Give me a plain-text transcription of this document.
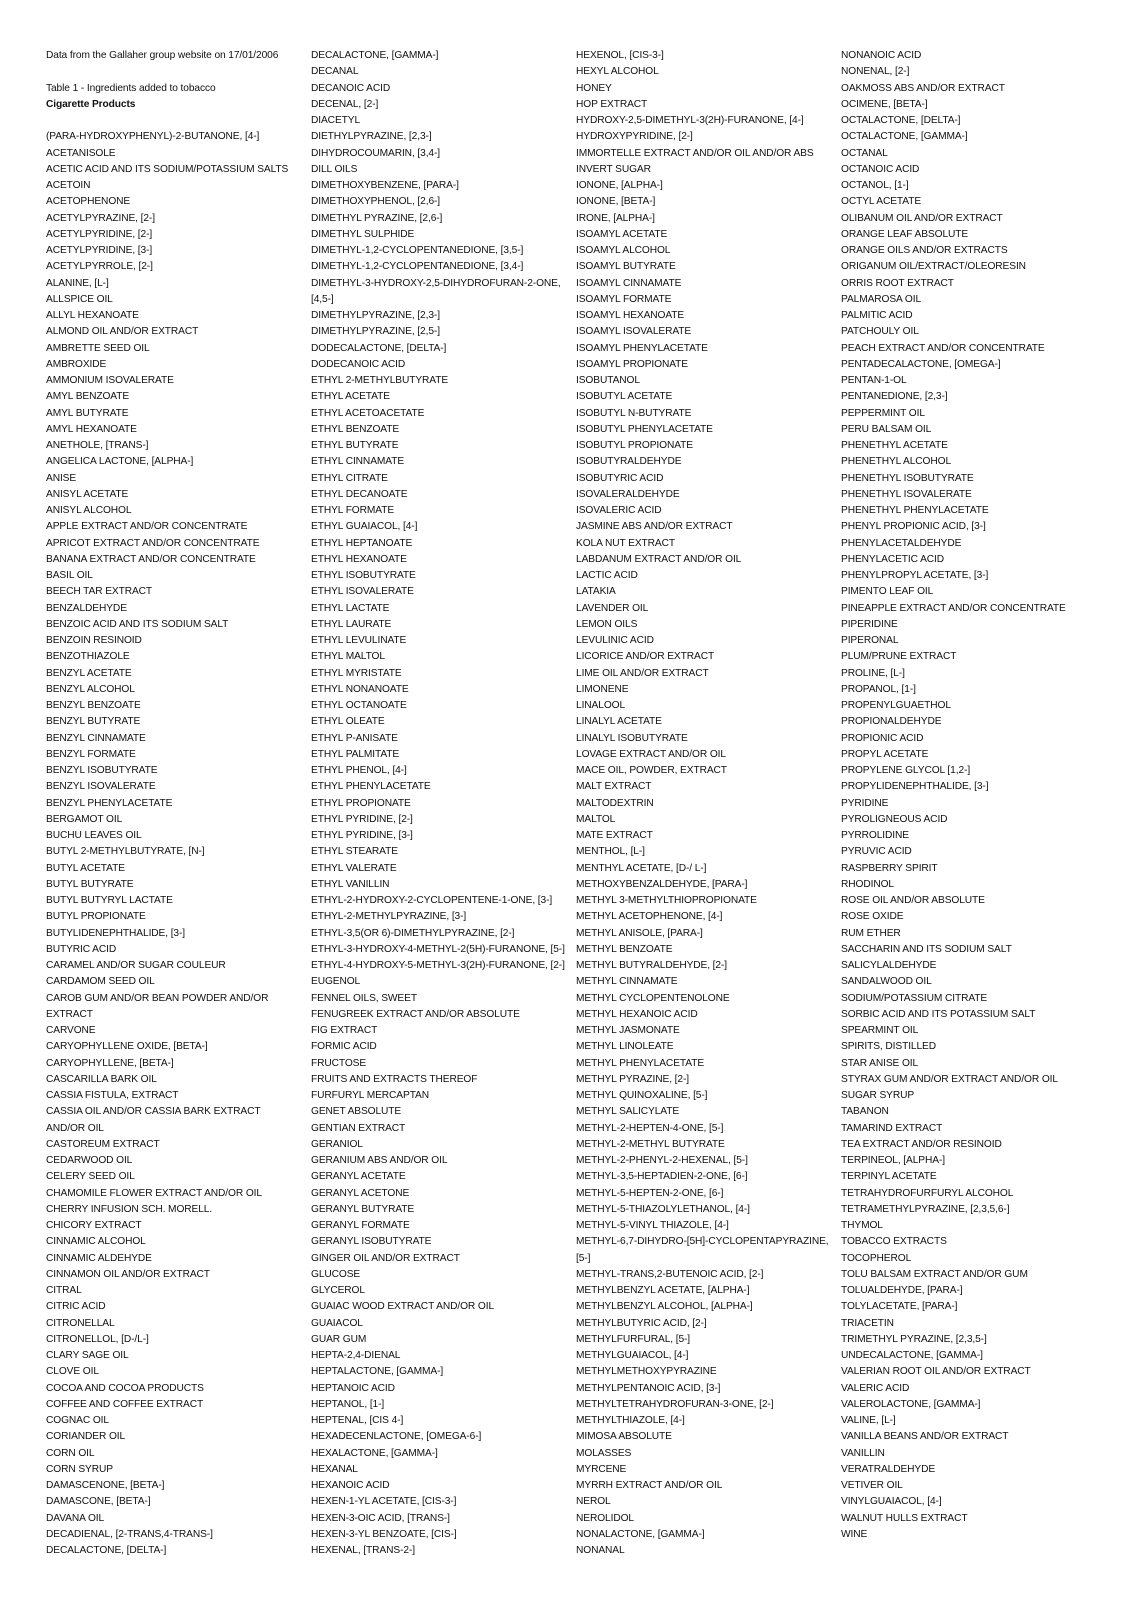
Data from the Gallaher group website on 17/01/2006
Table 1 - Ingredients added to tobacco
Cigarette Products
(PARA-HYDROXYPHENYL)-2-BUTANONE, [4-]
ACETANISOLE
ACETIC ACID AND ITS SODIUM/POTASSIUM SALTS
ACETOIN
ACETOPHENONE
ACETYLPYRAZINE, [2-]
ACETYLPYRIDINE, [2-]
ACETYLPYRIDINE, [3-]
ACETYLPYRROLE, [2-]
ALANINE, [L-]
ALLSPICE OIL
ALLYL HEXANOATE
ALMOND OIL AND/OR EXTRACT
AMBRETTE SEED OIL
AMBROXIDE
AMMONIUM ISOVALERATE
AMYL BENZOATE
AMYL BUTYRATE
AMYL HEXANOATE
ANETHOLE, [TRANS-]
ANGELICA LACTONE, [ALPHA-]
ANISE
ANISYL ACETATE
ANISYL ALCOHOL
APPLE EXTRACT AND/OR CONCENTRATE
APRICOT EXTRACT AND/OR CONCENTRATE
BANANA EXTRACT AND/OR CONCENTRATE
BASIL OIL
BEECH TAR EXTRACT
BENZALDEHYDE
BENZOIC ACID AND ITS SODIUM SALT
BENZOIN RESINOID
BENZOTHIAZOLE
BENZYL ACETATE
BENZYL ALCOHOL
BENZYL BENZOATE
BENZYL BUTYRATE
BENZYL CINNAMATE
BENZYL FORMATE
BENZYL ISOBUTYRATE
BENZYL ISOVALERATE
BENZYL PHENYLACETATE
BERGAMOT OIL
BUCHU LEAVES OIL
BUTYL 2-METHYLBUTYRATE, [N-]
BUTYL ACETATE
BUTYL BUTYRATE
BUTYL BUTYRYL LACTATE
BUTYL PROPIONATE
BUTYLIDENEPHTHALIDE, [3-]
BUTYRIC ACID
CARAMEL AND/OR SUGAR COULEUR
CARDAMOM SEED OIL
CAROB GUM AND/OR BEAN POWDER AND/OR
EXTRACT
CARVONE
CARYOPHYLLENE OXIDE, [BETA-]
CARYOPHYLLENE, [BETA-]
CASCARILLA BARK OIL
CASSIA FISTULA, EXTRACT
CASSIA OIL AND/OR CASSIA BARK EXTRACT
AND/OR OIL
CASTOREUM EXTRACT
CEDARWOOD OIL
CELERY SEED OIL
CHAMOMILE FLOWER EXTRACT AND/OR OIL
CHERRY INFUSION SCH. MORELL.
CHICORY EXTRACT
CINNAMIC ALCOHOL
CINNAMIC ALDEHYDE
CINNAMON OIL AND/OR EXTRACT
CITRAL
CITRIC ACID
CITRONELLAL
CITRONELLOL, [D-/L-]
CLARY SAGE OIL
CLOVE OIL
COCOA AND COCOA PRODUCTS
COFFEE AND COFFEE EXTRACT
COGNAC OIL
CORIANDER OIL
CORN OIL
CORN SYRUP
DAMASCENONE, [BETA-]
DAMASCONE, [BETA-]
DAVANA OIL
DECADIENAL, [2-TRANS,4-TRANS-]
DECALACTONE, [DELTA-]
DECALACTONE, [GAMMA-]
DECANAL
DECANOIC ACID
DECENAL, [2-]
DIACETYL
DIETHYLPYRAZINE, [2,3-]
DIHYDROCOUMARIN, [3,4-]
DILL OILS
DIMETHOXYBENZENE, [PARA-]
DIMETHOXYPHENOL, [2,6-]
DIMETHYL PYRAZINE, [2,6-]
DIMETHYL SULPHIDE
DIMETHYL-1,2-CYCLOPENTANEDIONE, [3,5-]
DIMETHYL-1,2-CYCLOPENTANEDIONE, [3,4-]
DIMETHYL-3-HYDROXY-2,5-DIHYDROFURAN-2-ONE,
[4,5-]
DIMETHYLPYRAZINE, [2,3-]
DIMETHYLPYRAZINE, [2,5-]
DODECALACTONE, [DELTA-]
DODECANOIC ACID
ETHYL 2-METHYLBUTYRATE
ETHYL ACETATE
ETHYL ACETOACETATE
ETHYL BENZOATE
ETHYL BUTYRATE
ETHYL CINNAMATE
ETHYL CITRATE
ETHYL DECANOATE
ETHYL FORMATE
ETHYL GUAIACOL, [4-]
ETHYL HEPTANOATE
ETHYL HEXANOATE
ETHYL ISOBUTYRATE
ETHYL ISOVALERATE
ETHYL LACTATE
ETHYL LAURATE
ETHYL LEVULINATE
ETHYL MALTOL
ETHYL MYRISTATE
ETHYL NONANOATE
ETHYL OCTANOATE
ETHYL OLEATE
ETHYL P-ANISATE
ETHYL PALMITATE
ETHYL PHENOL, [4-]
ETHYL PHENYLACETATE
ETHYL PROPIONATE
ETHYL PYRIDINE, [2-]
ETHYL PYRIDINE, [3-]
ETHYL STEARATE
ETHYL VALERATE
ETHYL VANILLIN
ETHYL-2-HYDROXY-2-CYCLOPENTENE-1-ONE, [3-]
ETHYL-2-METHYLPYRAZINE, [3-]
ETHYL-3,5(OR 6)-DIMETHYLPYRAZINE, [2-]
ETHYL-3-HYDROXY-4-METHYL-2(5H)-FURANONE, [5-]
ETHYL-4-HYDROXY-5-METHYL-3(2H)-FURANONE, [2-]
EUGENOL
FENNEL OILS, SWEET
FENUGREEK EXTRACT AND/OR ABSOLUTE
FIG EXTRACT
FORMIC ACID
FRUCTOSE
FRUITS AND EXTRACTS THEREOF
FURFURYL MERCAPTAN
GENET ABSOLUTE
GENTIAN EXTRACT
GERANIOL
GERANIUM ABS AND/OR OIL
GERANYL ACETATE
GERANYL ACETONE
GERANYL BUTYRATE
GERANYL FORMATE
GERANYL ISOBUTYRATE
GINGER OIL AND/OR EXTRACT
GLUCOSE
GLYCEROL
GUAIAC WOOD EXTRACT AND/OR OIL
GUAIACOL
GUAR GUM
HEPTA-2,4-DIENAL
HEPTALACTONE, [GAMMA-]
HEPTANOIC ACID
HEPTANOL, [1-]
HEPTENAL, [CIS 4-]
HEXADECENLACTONE, [OMEGA-6-]
HEXALACTONE, [GAMMA-]
HEXANAL
HEXANOIC ACID
HEXEN-1-YL ACETATE, [CIS-3-]
HEXEN-3-OIC ACID, [TRANS-]
HEXEN-3-YL BENZOATE, [CIS-]
HEXENAL, [TRANS-2-]
HEXENOL, [CIS-3-]
HEXYL ALCOHOL
HONEY
HOP EXTRACT
HYDROXY-2,5-DIMETHYL-3(2H)-FURANONE, [4-]
HYDROXYPYRIDINE, [2-]
IMMORTELLE EXTRACT AND/OR OIL AND/OR ABS
INVERT SUGAR
IONONE, [ALPHA-]
IONONE, [BETA-]
IRONE, [ALPHA-]
ISOAMYL ACETATE
ISOAMYL ALCOHOL
ISOAMYL BUTYRATE
ISOAMYL CINNAMATE
ISOAMYL FORMATE
ISOAMYL HEXANOATE
ISOAMYL ISOVALERATE
ISOAMYL PHENYLACETATE
ISOAMYL PROPIONATE
ISOBUTANOL
ISOBUTYL ACETATE
ISOBUTYL N-BUTYRATE
ISOBUTYL PHENYLACETATE
ISOBUTYL PROPIONATE
ISOBUTYRALDEHYDE
ISOBUTYRIC ACID
ISOVALERALDEHYDE
ISOVALERIC ACID
JASMINE ABS AND/OR EXTRACT
KOLA NUT EXTRACT
LABDANUM EXTRACT AND/OR OIL
LACTIC ACID
LATAKIA
LAVENDER OIL
LEMON OILS
LEVULINIC ACID
LICORICE AND/OR EXTRACT
LIME OIL AND/OR EXTRACT
LIMONENE
LINALOOL
LINALYL ACETATE
LINALYL ISOBUTYRATE
LOVAGE EXTRACT AND/OR OIL
MACE OIL, POWDER, EXTRACT
MALT EXTRACT
MALTODEXTRIN
MALTOL
MATE EXTRACT
MENTHOL, [L-]
MENTHYL ACETATE, [D-/ L-]
METHOXYBENZALDEHYDE, [PARA-]
METHYL 3-METHYLTHIOPROPIONATE
METHYL ACETOPHENONE, [4-]
METHYL ANISOLE, [PARA-]
METHYL BENZOATE
METHYL BUTYRALDEHYDE, [2-]
METHYL CINNAMATE
METHYL CYCLOPENTENOLONE
METHYL HEXANOIC ACID
METHYL JASMONATE
METHYL LINOLEATE
METHYL PHENYLACETATE
METHYL PYRAZINE, [2-]
METHYL QUINOXALINE, [5-]
METHYL SALICYLATE
METHYL-2-HEPTEN-4-ONE, [5-]
METHYL-2-METHYL BUTYRATE
METHYL-2-PHENYL-2-HEXENAL, [5-]
METHYL-3,5-HEPTADIEN-2-ONE, [6-]
METHYL-5-HEPTEN-2-ONE, [6-]
METHYL-5-THIAZOLYLETHANOL, [4-]
METHYL-5-VINYL THIAZOLE, [4-]
METHYL-6,7-DIHYDRO-[5H]-CYCLOPENTAPYRAZINE,
[5-]
METHYL-TRANS,2-BUTENOIC ACID, [2-]
METHYLBENZYL ACETATE, [ALPHA-]
METHYLBENZYL ALCOHOL, [ALPHA-]
METHYLBUTYRIC ACID, [2-]
METHYLFURFURAL, [5-]
METHYLGUAIACOL, [4-]
METHYLMETHOXYPYRAZINE
METHYLPENTANOIC ACID, [3-]
METHYLTETRAHYDROFURAN-3-ONE, [2-]
METHYLTHIAZOLE, [4-]
MIMOSA ABSOLUTE
MOLASSES
MYRCENE
MYRRH EXTRACT AND/OR OIL
NEROL
NEROLIDOL
NONALACTONE, [GAMMA-]
NONANAL
NONANOIC ACID
NONENAL, [2-]
OAKMOSS ABS AND/OR EXTRACT
OCIMENE, [BETA-]
OCTALACTONE, [DELTA-]
OCTALACTONE, [GAMMA-]
OCTANAL
OCTANOIC ACID
OCTANOL, [1-]
OCTYL ACETATE
OLIBANUM OIL AND/OR EXTRACT
ORANGE LEAF ABSOLUTE
ORANGE OILS AND/OR EXTRACTS
ORIGANUM OIL/EXTRACT/OLEORESIN
ORRIS ROOT EXTRACT
PALMAROSA OIL
PALMITIC ACID
PATCHOULY OIL
PEACH EXTRACT AND/OR CONCENTRATE
PENTADECALACTONE, [OMEGA-]
PENTAN-1-OL
PENTANEDIONE, [2,3-]
PEPPERMINT OIL
PERU BALSAM OIL
PHENETHYL ACETATE
PHENETHYL ALCOHOL
PHENETHYL ISOBUTYRATE
PHENETHYL ISOVALERATE
PHENETHYL PHENYLACETATE
PHENYL PROPIONIC ACID, [3-]
PHENYLACETALDEHYDE
PHENYLACETIC ACID
PHENYLPROPYL ACETATE, [3-]
PIMENTO LEAF OIL
PINEAPPLE EXTRACT AND/OR CONCENTRATE
PIPERIDINE
PIPERONAL
PLUM/PRUNE EXTRACT
PROLINE, [L-]
PROPANOL, [1-]
PROPENYLGUAETHOL
PROPIONALDEHYDE
PROPIONIC ACID
PROPYL ACETATE
PROPYLENE GLYCOL [1,2-]
PROPYLIDENEPHTHALIDE, [3-]
PYRIDINE
PYROLIGNEOUS ACID
PYRROLIDINE
PYRUVIC ACID
RASPBERRY SPIRIT
RHODINOL
ROSE OIL AND/OR ABSOLUTE
ROSE OXIDE
RUM ETHER
SACCHARIN AND ITS SODIUM SALT
SALICYLALDEHYDE
SANDALWOOD OIL
SODIUM/POTASSIUM CITRATE
SORBIC ACID AND ITS POTASSIUM SALT
SPEARMINT OIL
SPIRITS, DISTILLED
STAR ANISE OIL
STYRAX GUM AND/OR EXTRACT AND/OR OIL
SUGAR SYRUP
TABANON
TAMARIND EXTRACT
TEA EXTRACT AND/OR RESINOID
TERPINEOL, [ALPHA-]
TERPINYL ACETATE
TETRAHYDROFURFURYL ALCOHOL
TETRAMETHYLPYRAZINE, [2,3,5,6-]
THYMOL
TOBACCO EXTRACTS
TOCOPHEROL
TOLU BALSAM EXTRACT AND/OR GUM
TOLUALDEHYDE, [PARA-]
TOLYLACETATE, [PARA-]
TRIACETIN
TRIMETHYL PYRAZINE, [2,3,5-]
UNDECALACTONE, [GAMMA-]
VALERIAN ROOT OIL AND/OR EXTRACT
VALERIC ACID
VALEROLACTONE, [GAMMA-]
VALINE, [L-]
VANILLA BEANS AND/OR EXTRACT
VANILLIN
VERATRALDEHYDE
VETIVER OIL
VINYLGUAIACOL, [4-]
WALNUT HULLS EXTRACT
WINE
